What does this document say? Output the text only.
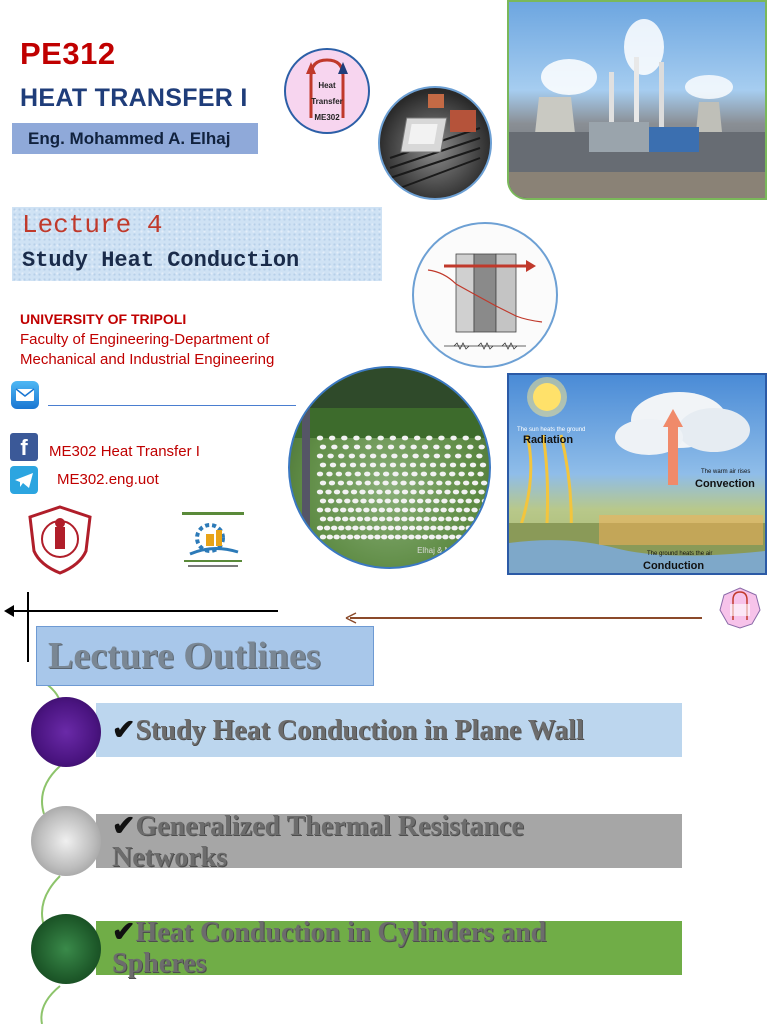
PE312
HEAT TRANSFER I
Eng. Mohammed A. Elhaj
Heat
Transfer
ME302
Lecture 4
Study Heat Conduction
UNIVERSITY OF TRIPOLI
Faculty of Engineering-Department of
Mechanical and Industrial Engineering
f	ME302 Heat Transfer I
ME302.eng.uot
Elhaj & Nass
The sun heats the ground
Radiation
The warm air rises
Convection
The ground heats the air
Conduction
Lecture Outlines
✔Study Heat Conduction in Plane Wall
✔Generalized Thermal Resistance
Networks
✔Heat Conduction in Cylinders and
Spheres
